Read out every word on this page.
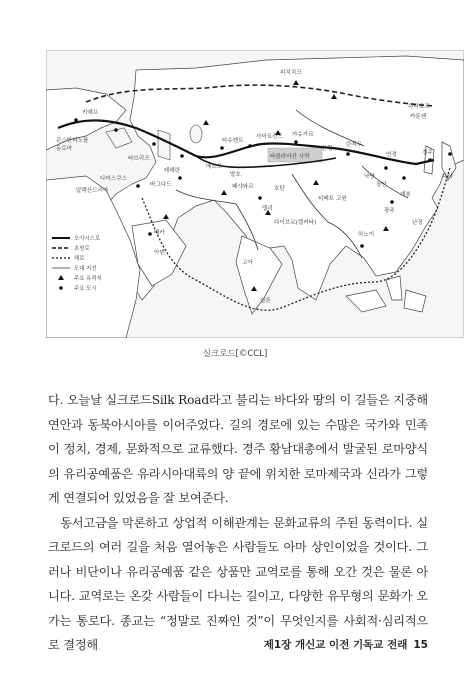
피치치크
하바로프
카룬젠
키예프
콘스탄티노플
동로마
타브리즈
타슈켄트
사마르칸드 카슈가르
타클라마칸 사막
돈황
란저우
연경
낙양
장안
경주
나라
테헤란
메르브
발흐
페샤와르	호탄
티베트 고원
바그다드
다마스쿠스
알렉산드리아
델리
다이브르(캘커타)
메카
아덴
고아
실론
광주
개봉
하노이
난징
오아시스로
초원로
해로
도대 지선
주요 유적지
주요 도시
실크로드[©CCL]

다. 오늘날 실크로드Silk Road라고 불리는 바다와 땅의 이 길들은 지중해 연안과 동북아시아를 이어주었다. 길의 경로에 있는 수많은 국가와 민족이 정치, 경제, 문화적으로 교류했다. 경주 황남대총에서 발굴된 로마양식의 유리공예품은 유라시아대륙의 양 끝에 위치한 로마제국과 신라가 그렇게 연결되어 있었음을 잘 보여준다.

동서고금을 막론하고 상업적 이해관계는 문화교류의 주된 동력이다. 실크로드의 여러 길을 처음 열어놓은 사람들도 아마 상인이었을 것이다. 그러나 비단이나 유리공예품 같은 상품만 교역로를 통해 오간 것은 물론 아니다. 교역로는 온갖 사람들이 다니는 길이고, 다양한 유무형의 문화가 오가는 통로다. 종교는 “정말로 진짜인 것”이 무엇인지를 사회적·심리적으로 결정해	제1장 개신교 이전 기독교 전래 15
